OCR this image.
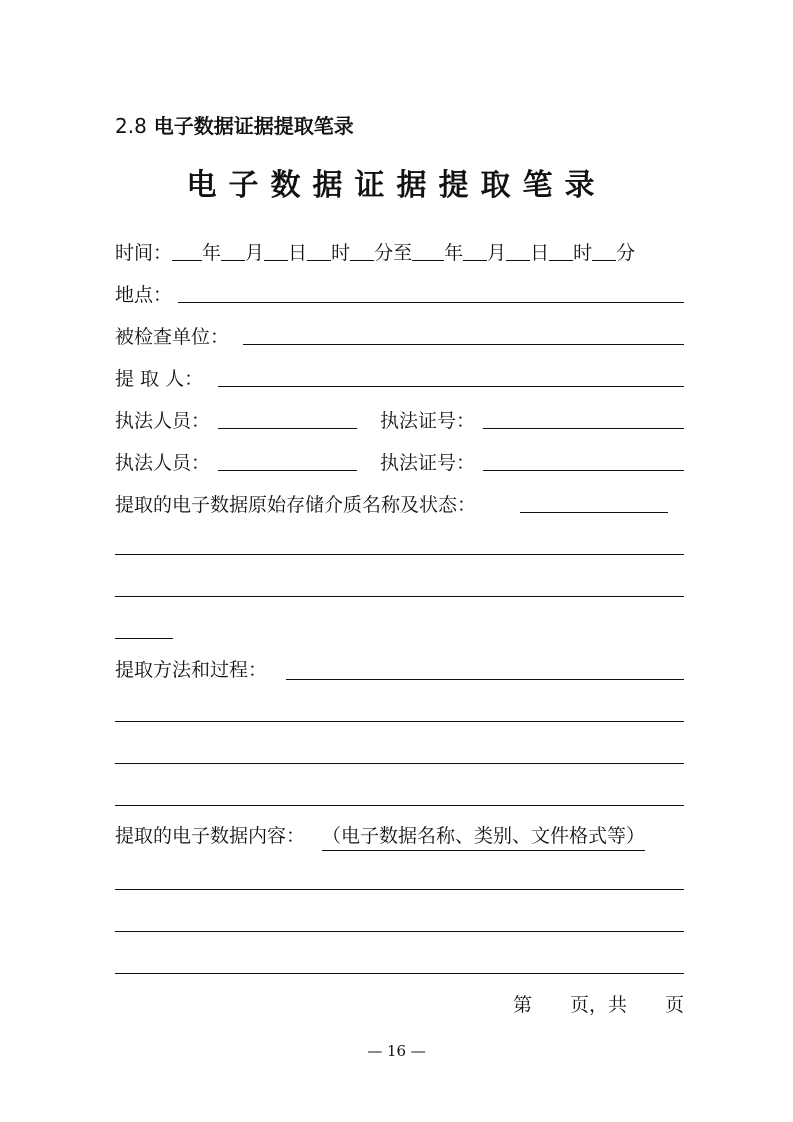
2.8 电子数据证据提取笔录
电子数据证据提取笔录
时间： 年 月 日 时 分至 年 月 日 时 分
地点：
被检查单位：
提 取 人：
执法人员：	执法证号：
执法人员：	执法证号：
提取的电子数据原始存储介质名称及状态：
提取方法和过程：
提取的电子数据内容： （电子数据名称、类别、文件格式等）
第　　页，共　　页
— 16 —
